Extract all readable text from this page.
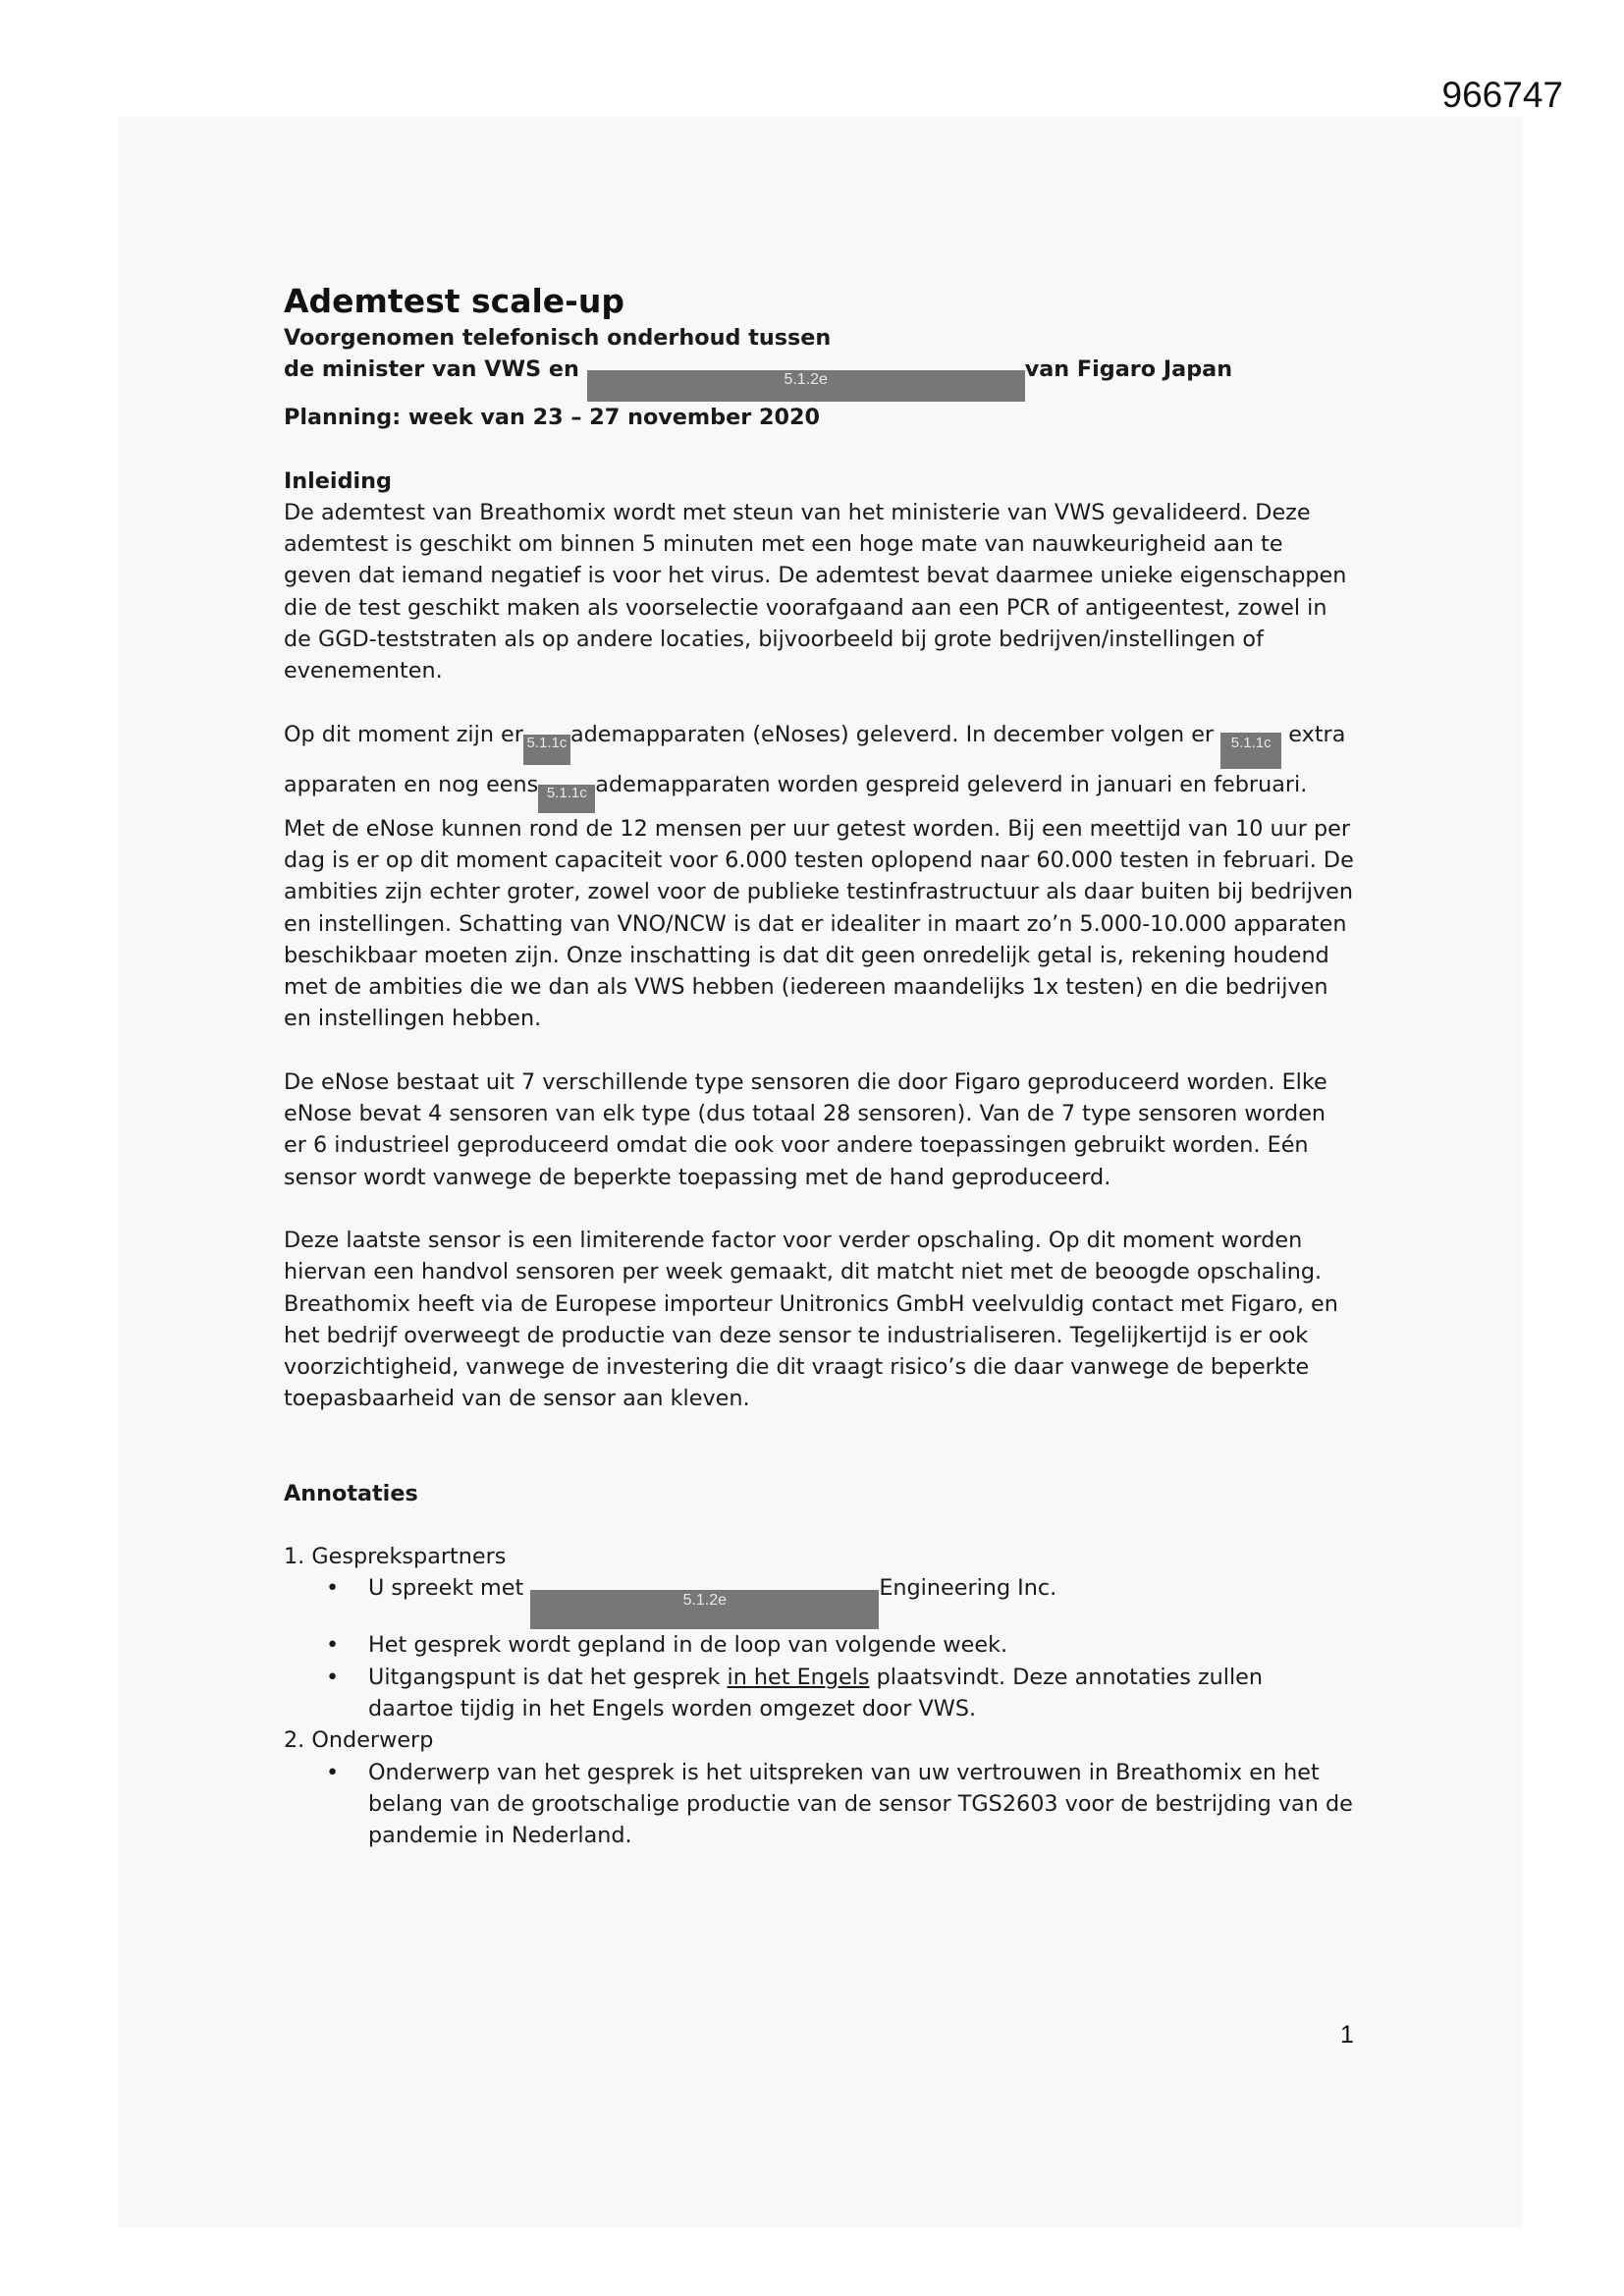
966747
Ademtest scale-up

Voorgenomen telefonisch onderhoud tussen

de minister van VWS en	5.1.2e	van Figaro Japan

Planning: week van 23 – 27 november 2020

Inleiding

De ademtest van Breathomix wordt met steun van het ministerie van VWS gevalideerd. Deze ademtest is geschikt om binnen 5 minuten met een hoge mate van nauwkeurigheid aan te geven dat iemand negatief is voor het virus. De ademtest bevat daarmee unieke eigenschappen die de test geschikt maken als voorselectie voorafgaand aan een PCR of antigeentest, zowel in de GGD-teststraten als op andere locaties, bijvoorbeeld bij grote bedrijven/instellingen of evenementen.

Op dit moment zijn er 5.1.1c ademapparaten (eNoses) geleverd. In december volgen er 5.1.1c extra apparaten en nog eens 5.1.1c ademapparaten worden gespreid geleverd in januari en februari. Met de eNose kunnen rond de 12 mensen per uur getest worden. Bij een meettijd van 10 uur per dag is er op dit moment capaciteit voor 6.000 testen oplopend naar 60.000 testen in februari. De ambities zijn echter groter, zowel voor de publieke testinfrastructuur als daar buiten bij bedrijven en instellingen. Schatting van VNO/NCW is dat er idealiter in maart zo’n 5.000-10.000 apparaten beschikbaar moeten zijn. Onze inschatting is dat dit geen onredelijk getal is, rekening houdend met de ambities die we dan als VWS hebben (iedereen maandelijks 1x testen) en die bedrijven en instellingen hebben.

De eNose bestaat uit 7 verschillende type sensoren die door Figaro geproduceerd worden. Elke eNose bevat 4 sensoren van elk type (dus totaal 28 sensoren). Van de 7 type sensoren worden er 6 industrieel geproduceerd omdat die ook voor andere toepassingen gebruikt worden. Eén sensor wordt vanwege de beperkte toepassing met de hand geproduceerd.

Deze laatste sensor is een limiterende factor voor verder opschaling. Op dit moment worden hiervan een handvol sensoren per week gemaakt, dit matcht niet met de beoogde opschaling. Breathomix heeft via de Europese importeur Unitronics GmbH veelvuldig contact met Figaro, en het bedrijf overweegt de productie van deze sensor te industrialiseren. Tegelijkertijd is er ook voorzichtigheid, vanwege de investering die dit vraagt risico’s die daar vanwege de beperkte toepasbaarheid van de sensor aan kleven.

Annotaties

1. Gesprekspartners
• U spreekt met	5.1.2e	Engineering Inc.
• Het gesprek wordt gepland in de loop van volgende week.
• Uitgangspunt is dat het gesprek in het Engels plaatsvindt. Deze annotaties zullen daartoe tijdig in het Engels worden omgezet door VWS.
2. Onderwerp
• Onderwerp van het gesprek is het uitspreken van uw vertrouwen in Breathomix en het belang van de grootschalige productie van de sensor TGS2603 voor de bestrijding van de pandemie in Nederland.
1
